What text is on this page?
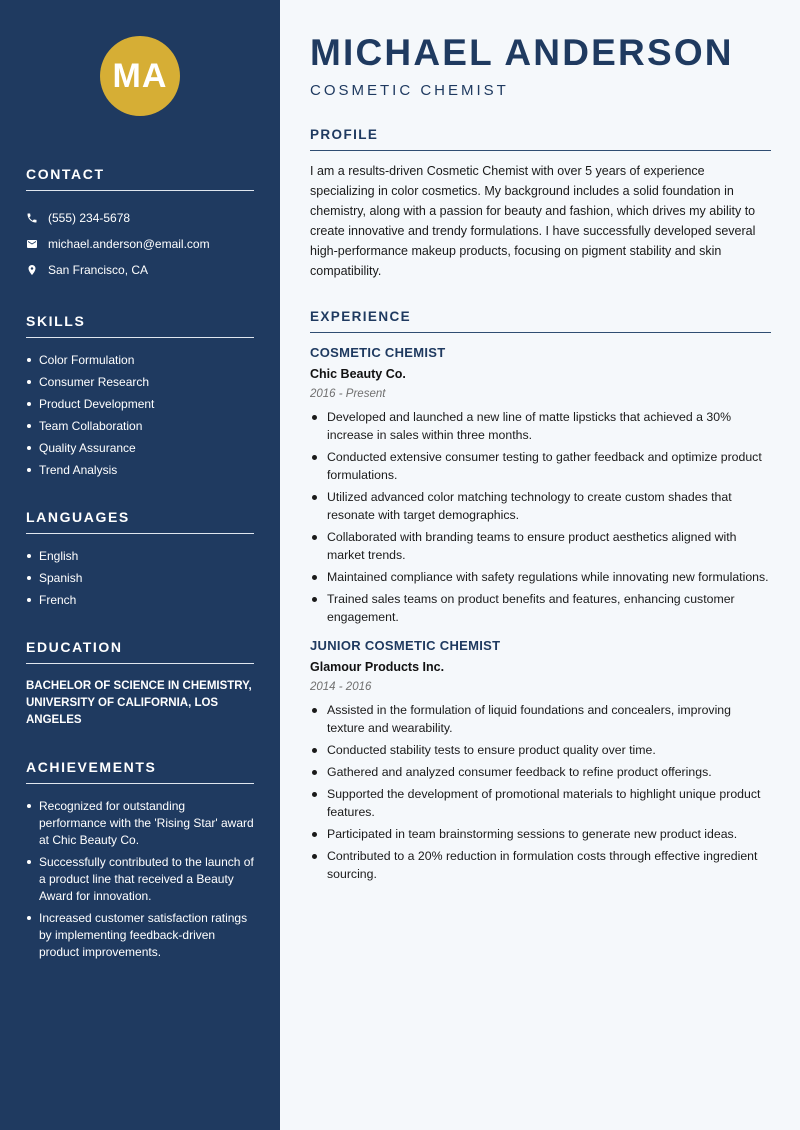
MA
CONTACT
(555) 234-5678
michael.anderson@email.com
San Francisco, CA
SKILLS
Color Formulation
Consumer Research
Product Development
Team Collaboration
Quality Assurance
Trend Analysis
LANGUAGES
English
Spanish
French
EDUCATION
BACHELOR OF SCIENCE IN CHEMISTRY, UNIVERSITY OF CALIFORNIA, LOS ANGELES
ACHIEVEMENTS
Recognized for outstanding performance with the 'Rising Star' award at Chic Beauty Co.
Successfully contributed to the launch of a product line that received a Beauty Award for innovation.
Increased customer satisfaction ratings by implementing feedback-driven product improvements.
MICHAEL ANDERSON
COSMETIC CHEMIST
PROFILE

I am a results-driven Cosmetic Chemist with over 5 years of experience specializing in color cosmetics. My background includes a solid foundation in chemistry, along with a passion for beauty and fashion, which drives my ability to create innovative and trendy formulations. I have successfully developed several high-performance makeup products, focusing on pigment stability and skin compatibility.

EXPERIENCE
COSMETIC CHEMIST
Chic Beauty Co.
2016 - Present
Developed and launched a new line of matte lipsticks that achieved a 30% increase in sales within three months.
Conducted extensive consumer testing to gather feedback and optimize product formulations.
Utilized advanced color matching technology to create custom shades that resonate with target demographics.
Collaborated with branding teams to ensure product aesthetics aligned with market trends.
Maintained compliance with safety regulations while innovating new formulations.
Trained sales teams on product benefits and features, enhancing customer engagement.
JUNIOR COSMETIC CHEMIST
Glamour Products Inc.
2014 - 2016
Assisted in the formulation of liquid foundations and concealers, improving texture and wearability.
Conducted stability tests to ensure product quality over time.
Gathered and analyzed consumer feedback to refine product offerings.
Supported the development of promotional materials to highlight unique product features.
Participated in team brainstorming sessions to generate new product ideas.
Contributed to a 20% reduction in formulation costs through effective ingredient sourcing.
